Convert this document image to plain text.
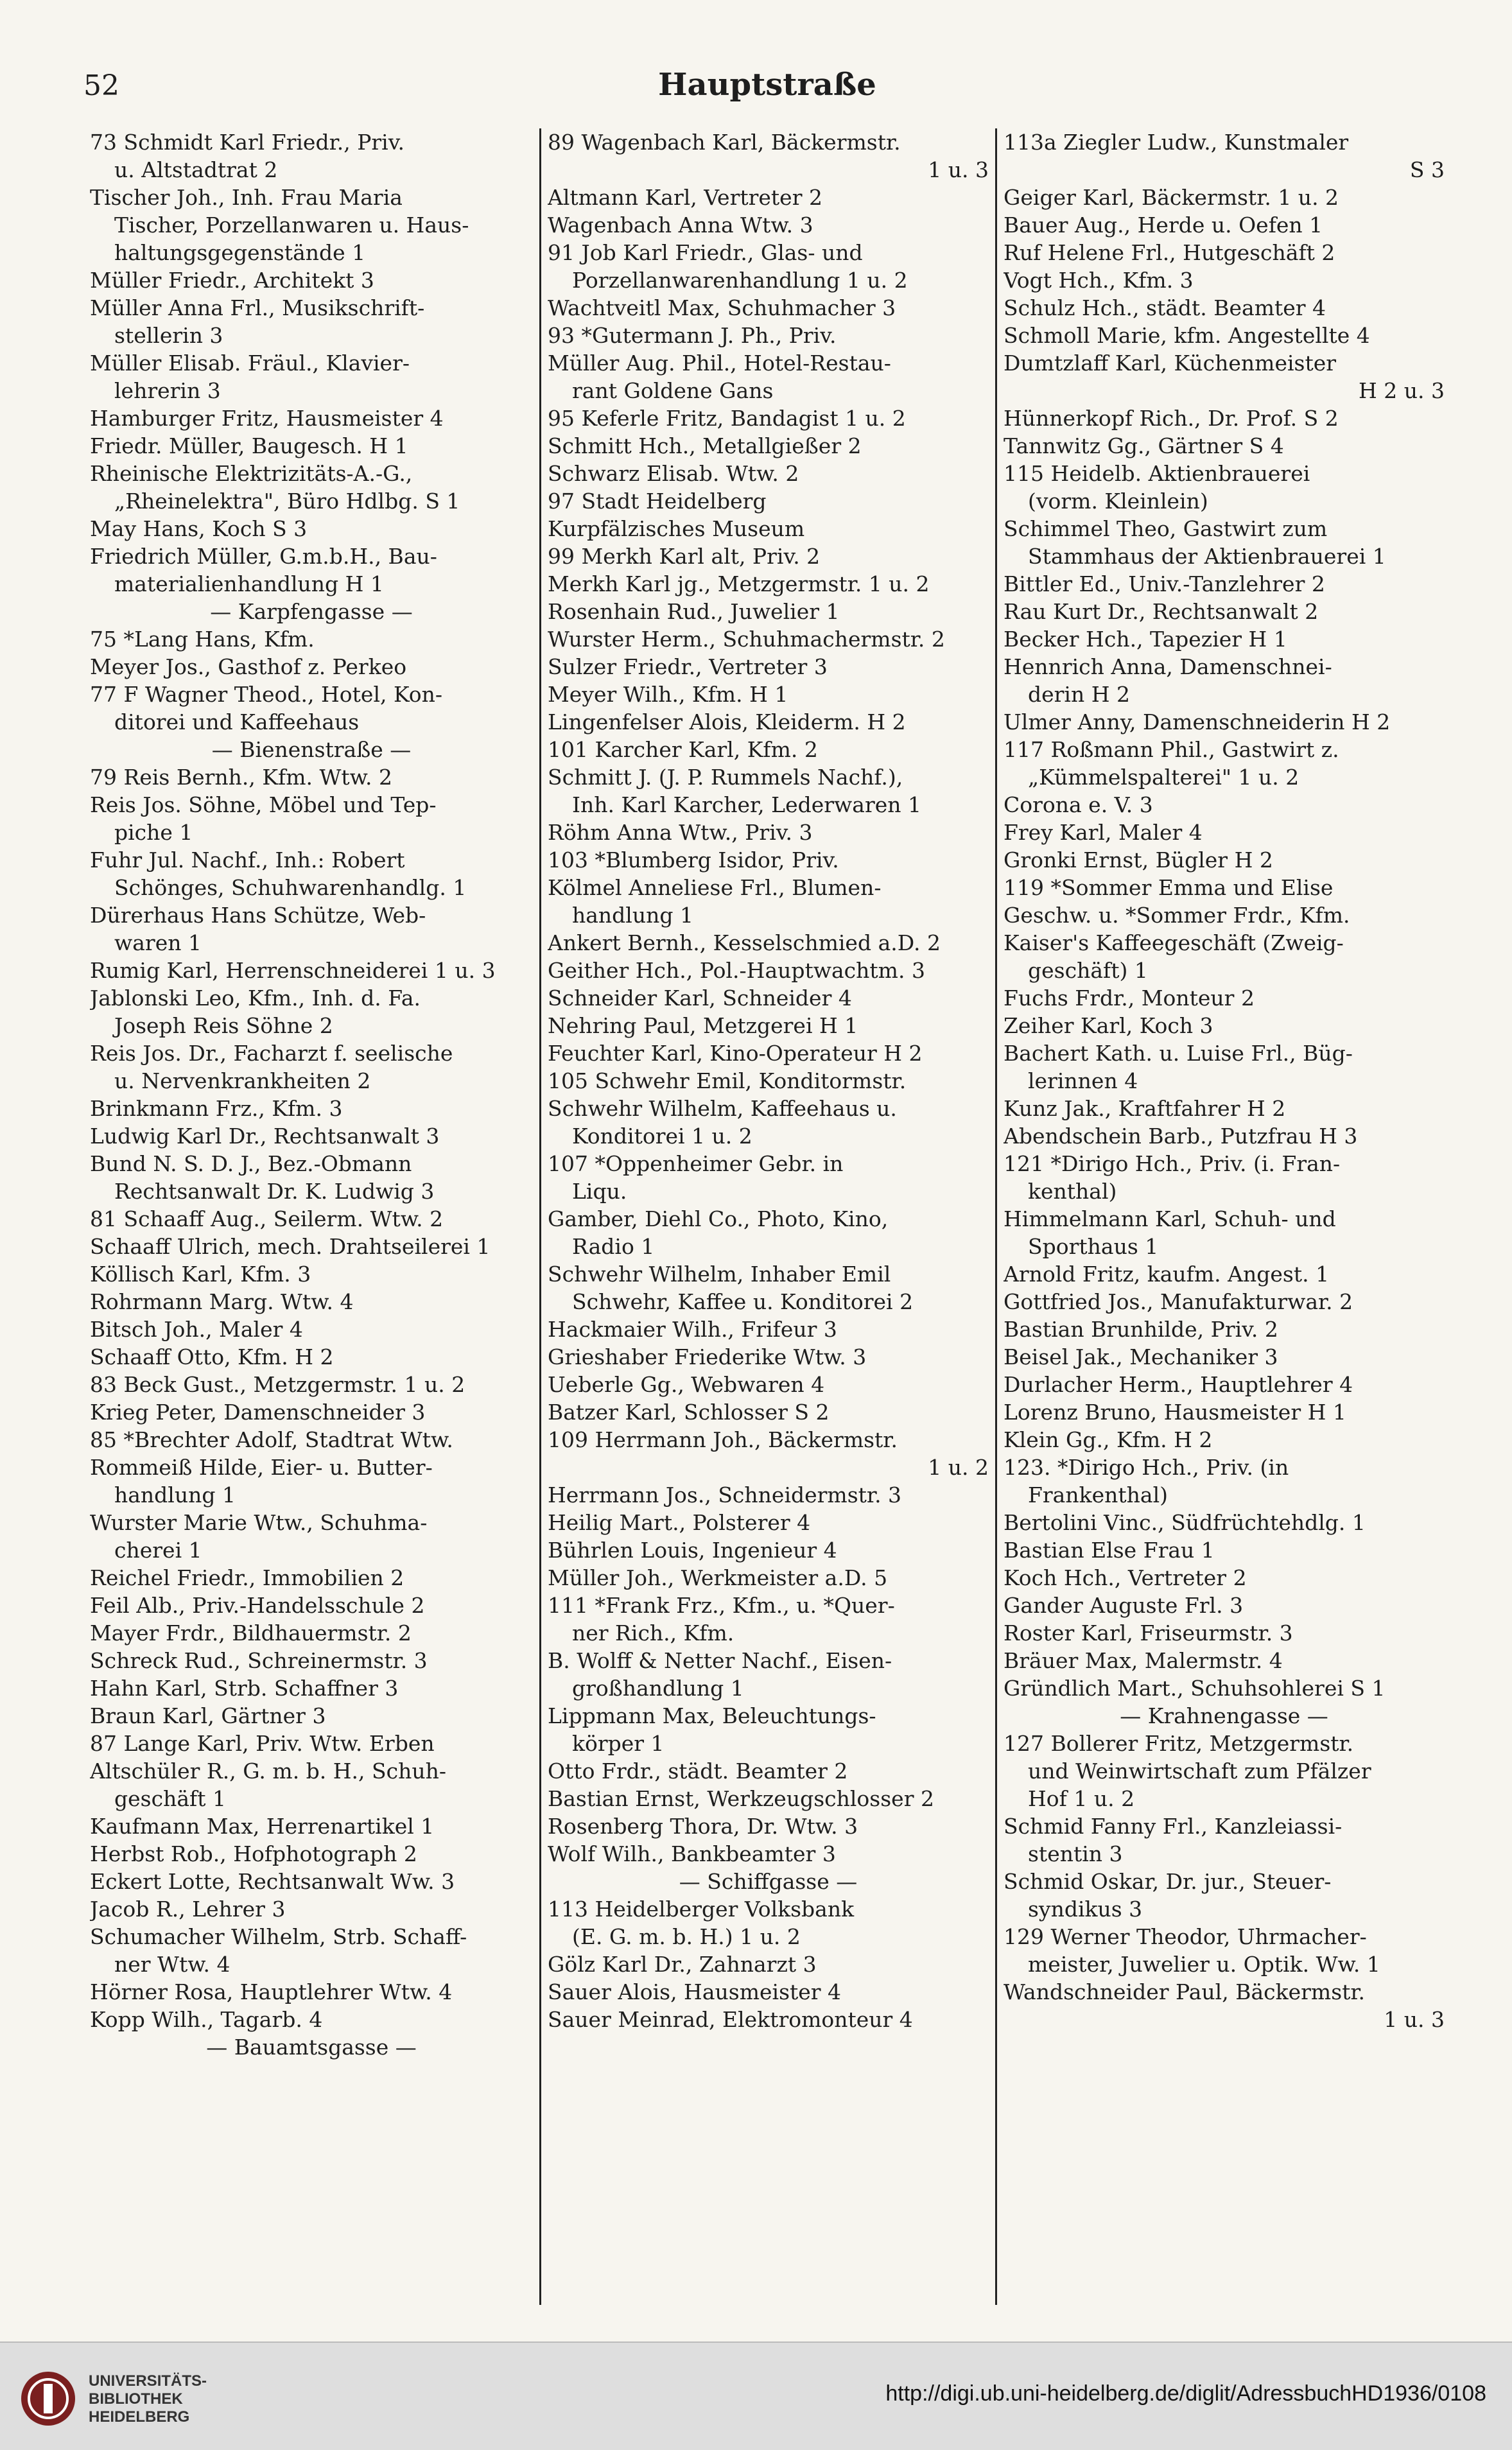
52	Hauptstraße
73 Schmidt Karl Friedr., Priv.
u. Altstadtrat 2
Tischer Joh., Inh. Frau Maria
Tischer, Porzellanwaren u. Haus-
haltungsgegenstände 1
Müller Friedr., Architekt 3
Müller Anna Frl., Musikschrift-
stellerin 3
Müller Elisab. Fräul., Klavier-
lehrerin 3
Hamburger Fritz, Hausmeister 4
Friedr. Müller, Baugesch. H 1
Rheinische Elektrizitäts-A.-G.,
„Rheinelektra", Büro Hdlbg. S 1
May Hans, Koch S 3
Friedrich Müller, G.m.b.H., Bau-
materialienhandlung H 1
— Karpfengasse —
75 *Lang Hans, Kfm.
Meyer Jos., Gasthof z. Perkeo
77 F Wagner Theod., Hotel, Kon-
ditorei und Kaffeehaus
— Bienenstraße —
79 Reis Bernh., Kfm. Wtw. 2
Reis Jos. Söhne, Möbel und Tep-
piche 1
Fuhr Jul. Nachf., Inh.: Robert
Schönges, Schuhwarenhandlg. 1
Dürerhaus Hans Schütze, Web-
waren 1
Rumig Karl, Herrenschneiderei 1 u. 3
Jablonski Leo, Kfm., Inh. d. Fa.
Joseph Reis Söhne 2
Reis Jos. Dr., Facharzt f. seelische
u. Nervenkrankheiten 2
Brinkmann Frz., Kfm. 3
Ludwig Karl Dr., Rechtsanwalt 3
Bund N. S. D. J., Bez.-Obmann
Rechtsanwalt Dr. K. Ludwig 3
81 Schaaff Aug., Seilerm. Wtw. 2
Schaaff Ulrich, mech. Drahtseilerei 1
Köllisch Karl, Kfm. 3
Rohrmann Marg. Wtw. 4
Bitsch Joh., Maler 4
Schaaff Otto, Kfm. H 2
83 Beck Gust., Metzgermstr. 1 u. 2
Krieg Peter, Damenschneider 3
85 *Brechter Adolf, Stadtrat Wtw.
Rommeiß Hilde, Eier- u. Butter-
handlung 1
Wurster Marie Wtw., Schuhma-
cherei 1
Reichel Friedr., Immobilien 2
Feil Alb., Priv.-Handelsschule 2
Mayer Frdr., Bildhauermstr. 2
Schreck Rud., Schreinermstr. 3
Hahn Karl, Strb. Schaffner 3
Braun Karl, Gärtner 3
87 Lange Karl, Priv. Wtw. Erben
Altschüler R., G. m. b. H., Schuh-
geschäft 1
Kaufmann Max, Herrenartikel 1
Herbst Rob., Hofphotograph 2
Eckert Lotte, Rechtsanwalt Ww. 3
Jacob R., Lehrer 3
Schumacher Wilhelm, Strb. Schaff-
ner Wtw. 4
Hörner Rosa, Hauptlehrer Wtw. 4
Kopp Wilh., Tagarb. 4
— Bauamtsgasse —
89 Wagenbach Karl, Bäckermstr.
1 u. 3
Altmann Karl, Vertreter 2
Wagenbach Anna Wtw. 3
91 Job Karl Friedr., Glas- und
Porzellanwarenhandlung 1 u. 2
Wachtveitl Max, Schuhmacher 3
93 *Gutermann J. Ph., Priv.
Müller Aug. Phil., Hotel-Restau-
rant Goldene Gans
95 Keferle Fritz, Bandagist 1 u. 2
Schmitt Hch., Metallgießer 2
Schwarz Elisab. Wtw. 2
97 Stadt Heidelberg
Kurpfälzisches Museum
99 Merkh Karl alt, Priv. 2
Merkh Karl jg., Metzgermstr. 1 u. 2
Rosenhain Rud., Juwelier 1
Wurster Herm., Schuhmachermstr. 2
Sulzer Friedr., Vertreter 3
Meyer Wilh., Kfm. H 1
Lingenfelser Alois, Kleiderm. H 2
101 Karcher Karl, Kfm. 2
Schmitt J. (J. P. Rummels Nachf.),
Inh. Karl Karcher, Lederwaren 1
Röhm Anna Wtw., Priv. 3
103 *Blumberg Isidor, Priv.
Kölmel Anneliese Frl., Blumen-
handlung 1
Ankert Bernh., Kesselschmied a.D. 2
Geither Hch., Pol.-Hauptwachtm. 3
Schneider Karl, Schneider 4
Nehring Paul, Metzgerei H 1
Feuchter Karl, Kino-Operateur H 2
105 Schwehr Emil, Konditormstr.
Schwehr Wilhelm, Kaffeehaus u.
Konditorei 1 u. 2
107 *Oppenheimer Gebr. in
Liqu.
Gamber, Diehl Co., Photo, Kino,
Radio 1
Schwehr Wilhelm, Inhaber Emil
Schwehr, Kaffee u. Konditorei 2
Hackmaier Wilh., Frifeur 3
Grieshaber Friederike Wtw. 3
Ueberle Gg., Webwaren 4
Batzer Karl, Schlosser S 2
109 Herrmann Joh., Bäckermstr.
1 u. 2
Herrmann Jos., Schneidermstr. 3
Heilig Mart., Polsterer 4
Bührlen Louis, Ingenieur 4
Müller Joh., Werkmeister a.D. 5
111 *Frank Frz., Kfm., u. *Quer-
ner Rich., Kfm.
B. Wolff & Netter Nachf., Eisen-
großhandlung 1
Lippmann Max, Beleuchtungs-
körper 1
Otto Frdr., städt. Beamter 2
Bastian Ernst, Werkzeugschlosser 2
Rosenberg Thora, Dr. Wtw. 3
Wolf Wilh., Bankbeamter 3
— Schiffgasse —
113 Heidelberger Volksbank
(E. G. m. b. H.) 1 u. 2
Gölz Karl Dr., Zahnarzt 3
Sauer Alois, Hausmeister 4
Sauer Meinrad, Elektromonteur 4
113a Ziegler Ludw., Kunstmaler
S 3
Geiger Karl, Bäckermstr. 1 u. 2
Bauer Aug., Herde u. Oefen 1
Ruf Helene Frl., Hutgeschäft 2
Vogt Hch., Kfm. 3
Schulz Hch., städt. Beamter 4
Schmoll Marie, kfm. Angestellte 4
Dumtzlaff Karl, Küchenmeister
H 2 u. 3
Hünnerkopf Rich., Dr. Prof. S 2
Tannwitz Gg., Gärtner S 4
115 Heidelb. Aktienbrauerei
(vorm. Kleinlein)
Schimmel Theo, Gastwirt zum
Stammhaus der Aktienbrauerei 1
Bittler Ed., Univ.-Tanzlehrer 2
Rau Kurt Dr., Rechtsanwalt 2
Becker Hch., Tapezier H 1
Hennrich Anna, Damenschnei-
derin H 2
Ulmer Anny, Damenschneiderin H 2
117 Roßmann Phil., Gastwirt z.
„Kümmelspalterei" 1 u. 2
Corona e. V. 3
Frey Karl, Maler 4
Gronki Ernst, Bügler H 2
119 *Sommer Emma und Elise
Geschw. u. *Sommer Frdr., Kfm.
Kaiser's Kaffeegeschäft (Zweig-
geschäft) 1
Fuchs Frdr., Monteur 2
Zeiher Karl, Koch 3
Bachert Kath. u. Luise Frl., Büg-
lerinnen 4
Kunz Jak., Kraftfahrer H 2
Abendschein Barb., Putzfrau H 3
121 *Dirigo Hch., Priv. (i. Fran-
kenthal)
Himmelmann Karl, Schuh- und
Sporthaus 1
Arnold Fritz, kaufm. Angest. 1
Gottfried Jos., Manufakturwar. 2
Bastian Brunhilde, Priv. 2
Beisel Jak., Mechaniker 3
Durlacher Herm., Hauptlehrer 4
Lorenz Bruno, Hausmeister H 1
Klein Gg., Kfm. H 2
123. *Dirigo Hch., Priv. (in
Frankenthal)
Bertolini Vinc., Südfrüchtehdlg. 1
Bastian Else Frau 1
Koch Hch., Vertreter 2
Gander Auguste Frl. 3
Roster Karl, Friseurmstr. 3
Bräuer Max, Malermstr. 4
Gründlich Mart., Schuhsohlerei S 1
— Krahnengasse —
127 Bollerer Fritz, Metzgermstr.
und Weinwirtschaft zum Pfälzer
Hof 1 u. 2
Schmid Fanny Frl., Kanzleiassi-
stentin 3
Schmid Oskar, Dr. jur., Steuer-
syndikus 3
129 Werner Theodor, Uhrmacher-
meister, Juwelier u. Optik. Ww. 1
Wandschneider Paul, Bäckermstr.
1 u. 3
UNIVERSITÄTS-
BIBLIOTHEK
HEIDELBERG
http://digi.ub.uni-heidelberg.de/diglit/AdressbuchHD1936/0108
